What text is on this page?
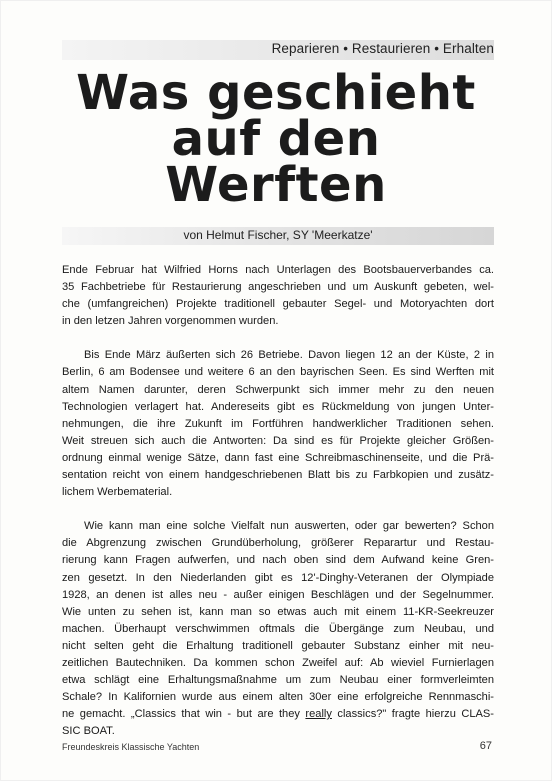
Reparieren • Restaurieren • Erhalten
Was geschieht
auf den
Werften
von Helmut Fischer, SY 'Meerkatze'
Ende Februar hat Wilfried Horns nach Unterlagen des Bootsbauerverbandes ca.
35 Fachbetriebe für Restaurierung angeschrieben und um Auskunft gebeten, wel-
che (umfangreichen) Projekte traditionell gebauter Segel- und Motoryachten dort
in den letzen Jahren vorgenommen wurden.
Bis Ende März äußerten sich 26 Betriebe. Davon liegen 12 an der Küste, 2 in
Berlin, 6 am Bodensee und weitere 6 an den bayrischen Seen. Es sind Werften mit
altem Namen darunter, deren Schwerpunkt sich immer mehr zu den neuen
Technologien verlagert hat. Andereseits gibt es Rückmeldung von jungen Unter-
nehmungen, die ihre Zukunft im Fortführen handwerklicher Traditionen sehen.
Weit streuen sich auch die Antworten: Da sind es für Projekte gleicher Größen-
ordnung einmal wenige Sätze, dann fast eine Schreibmaschinenseite, und die Prä-
sentation reicht von einem handgeschriebenen Blatt bis zu Farbkopien und zusätz-
lichem Werbematerial.
Wie kann man eine solche Vielfalt nun auswerten, oder gar bewerten? Schon
die Abgrenzung zwischen Grundüberholung, größerer Reparartur und Restau-
rierung kann Fragen aufwerfen, und nach oben sind dem Aufwand keine Gren-
zen gesetzt. In den Niederlanden gibt es 12'-Dinghy-Veteranen der Olympiade
1928, an denen ist alles neu - außer einigen Beschlägen und der Segelnummer.
Wie unten zu sehen ist, kann man so etwas auch mit einem 11-KR-Seekreuzer
machen. Überhaupt verschwimmen oftmals die Übergänge zum Neubau, und
nicht selten geht die Erhaltung traditionell gebauter Substanz einher mit neu-
zeitlichen Bautechniken. Da kommen schon Zweifel auf: Ab wieviel Furnierlagen
etwa schlägt eine Erhaltungsmaßnahme um zum Neubau einer formverleimten
Schale? In Kalifornien wurde aus einem alten 30er eine erfolgreiche Rennmaschi-
ne gemacht. „Classics that win - but are they really classics?" fragte hierzu CLAS-
SIC BOAT.
Freundeskreis Klassische Yachten	67
